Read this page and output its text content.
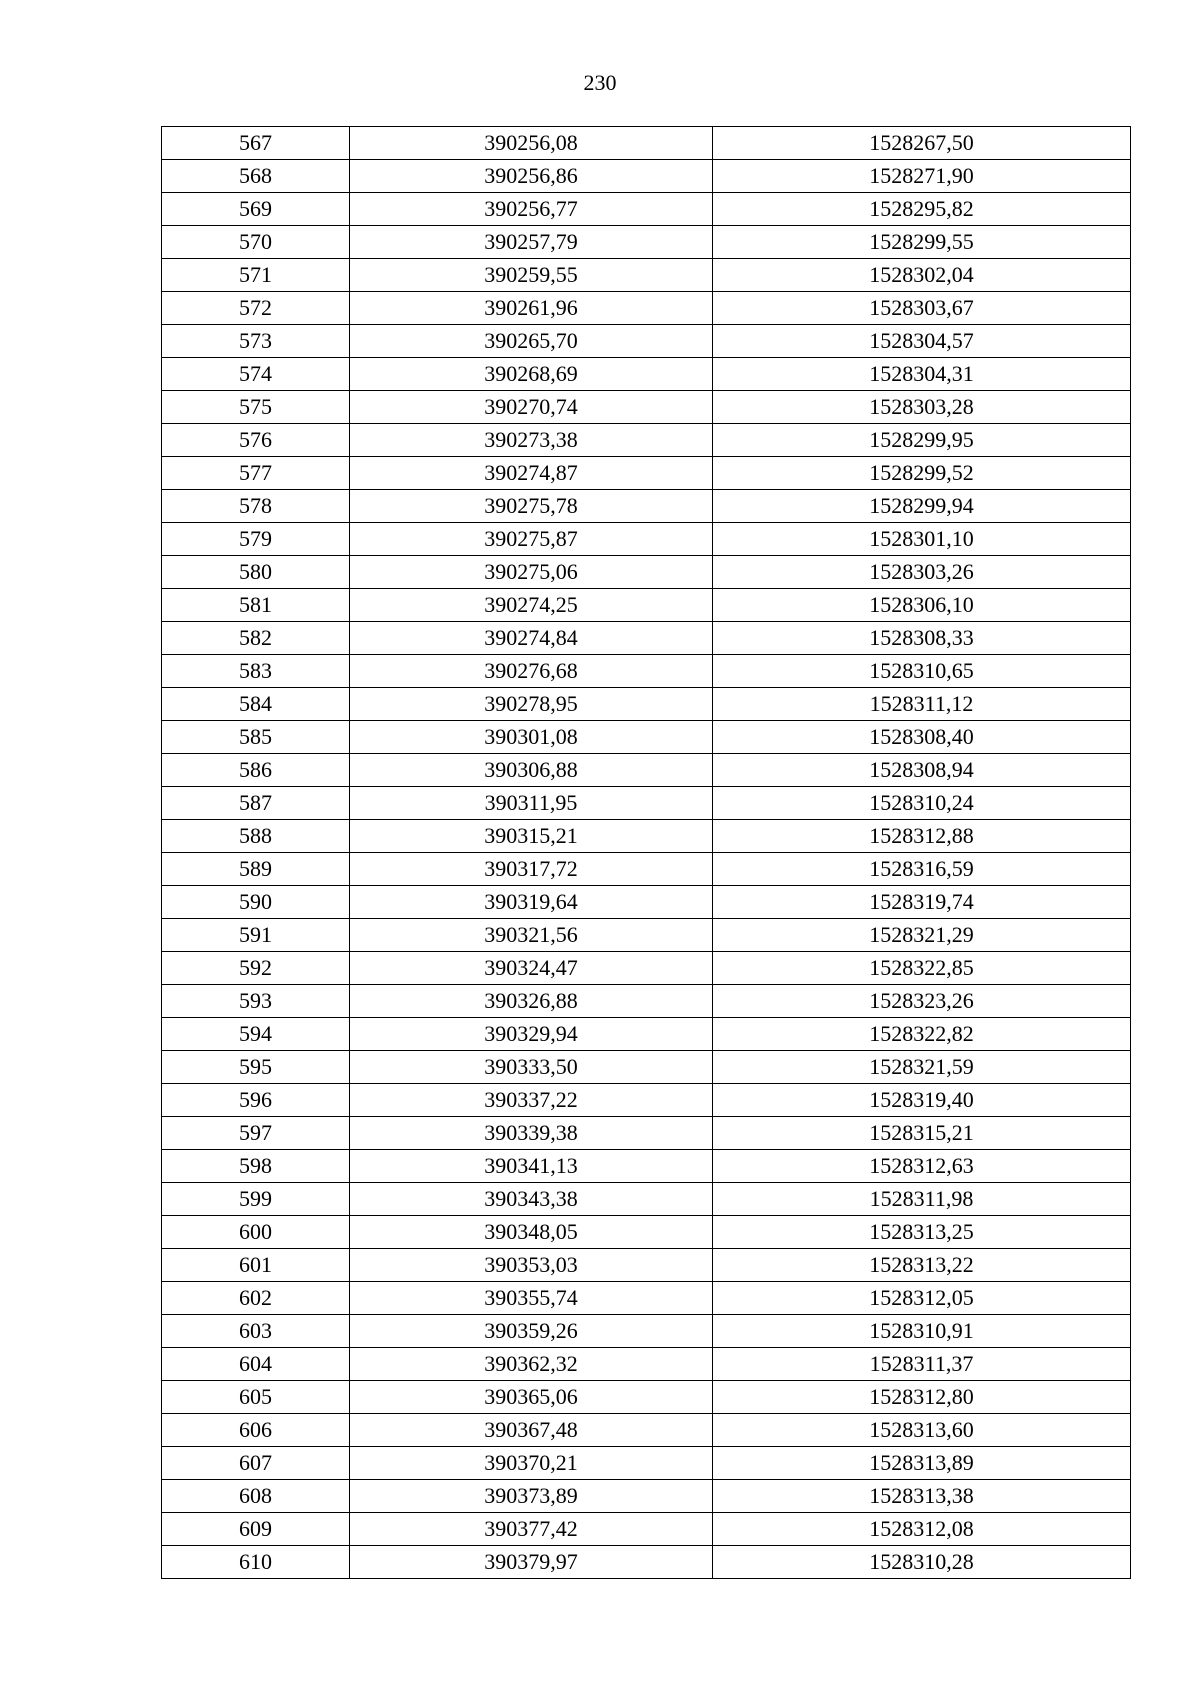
230
567	390256,08	1528267,50
568	390256,86	1528271,90
569	390256,77	1528295,82
570	390257,79	1528299,55
571	390259,55	1528302,04
572	390261,96	1528303,67
573	390265,70	1528304,57
574	390268,69	1528304,31
575	390270,74	1528303,28
576	390273,38	1528299,95
577	390274,87	1528299,52
578	390275,78	1528299,94
579	390275,87	1528301,10
580	390275,06	1528303,26
581	390274,25	1528306,10
582	390274,84	1528308,33
583	390276,68	1528310,65
584	390278,95	1528311,12
585	390301,08	1528308,40
586	390306,88	1528308,94
587	390311,95	1528310,24
588	390315,21	1528312,88
589	390317,72	1528316,59
590	390319,64	1528319,74
591	390321,56	1528321,29
592	390324,47	1528322,85
593	390326,88	1528323,26
594	390329,94	1528322,82
595	390333,50	1528321,59
596	390337,22	1528319,40
597	390339,38	1528315,21
598	390341,13	1528312,63
599	390343,38	1528311,98
600	390348,05	1528313,25
601	390353,03	1528313,22
602	390355,74	1528312,05
603	390359,26	1528310,91
604	390362,32	1528311,37
605	390365,06	1528312,80
606	390367,48	1528313,60
607	390370,21	1528313,89
608	390373,89	1528313,38
609	390377,42	1528312,08
610	390379,97	1528310,28
